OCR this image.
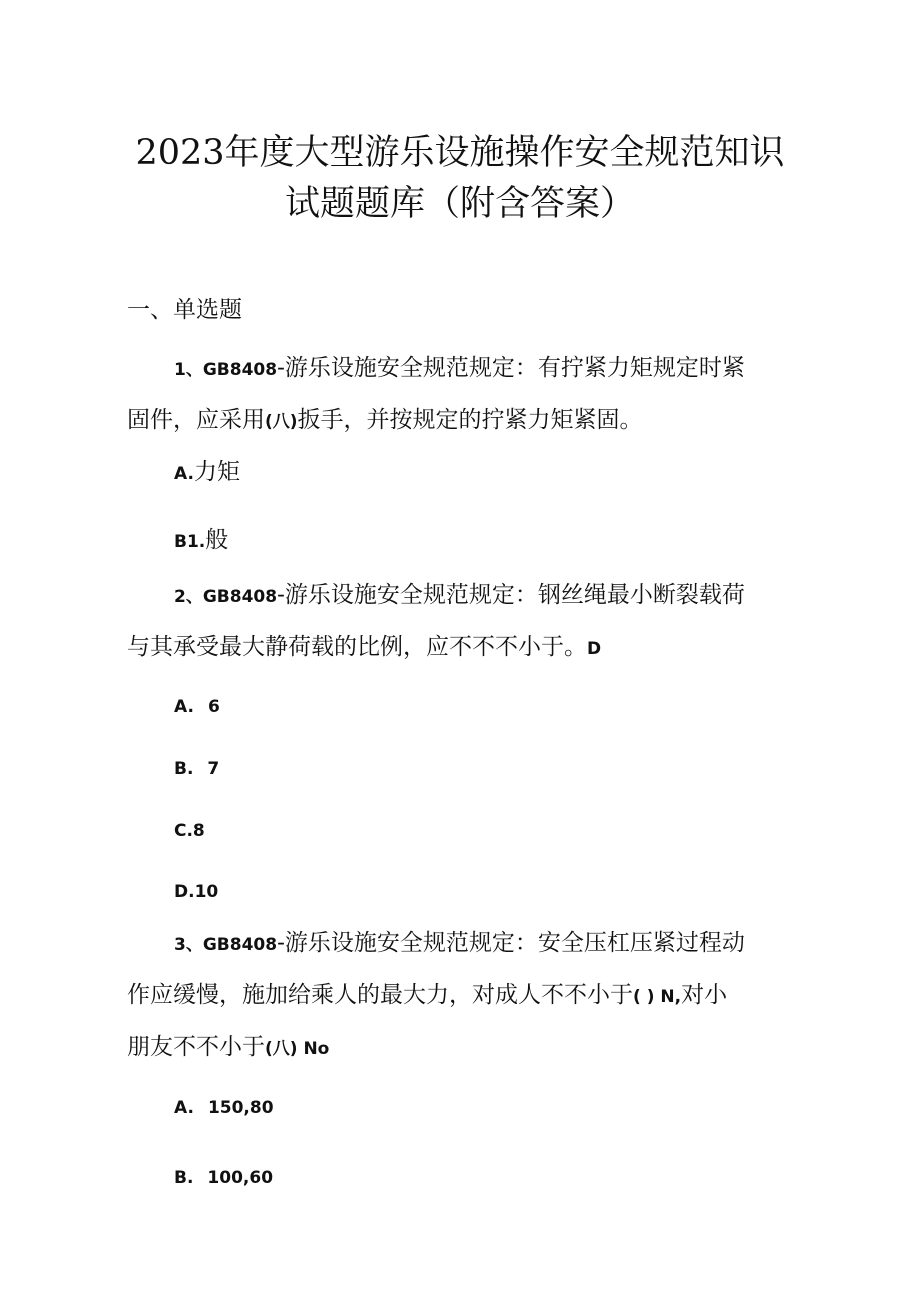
2023年度大型游乐设施操作安全规范知识
试题题库（附含答案）
一、单选题
1、GB8408-游乐设施安全规范规定：有拧紧力矩规定时紧
固件，应采用(八)扳手，并按规定的拧紧力矩紧固。
A.力矩
B1.般
2、GB8408-游乐设施安全规范规定：钢丝绳最小断裂载荷
与其承受最大静荷载的比例，应不不不小于。D
A. 6
B. 7
C.8
D.10
3、GB8408-游乐设施安全规范规定：安全压杠压紧过程动
作应缓慢，施加给乘人的最大力，对成人不不小于( ) N,对小
朋友不不小于(八) No
A. 150,80
B. 100,60
